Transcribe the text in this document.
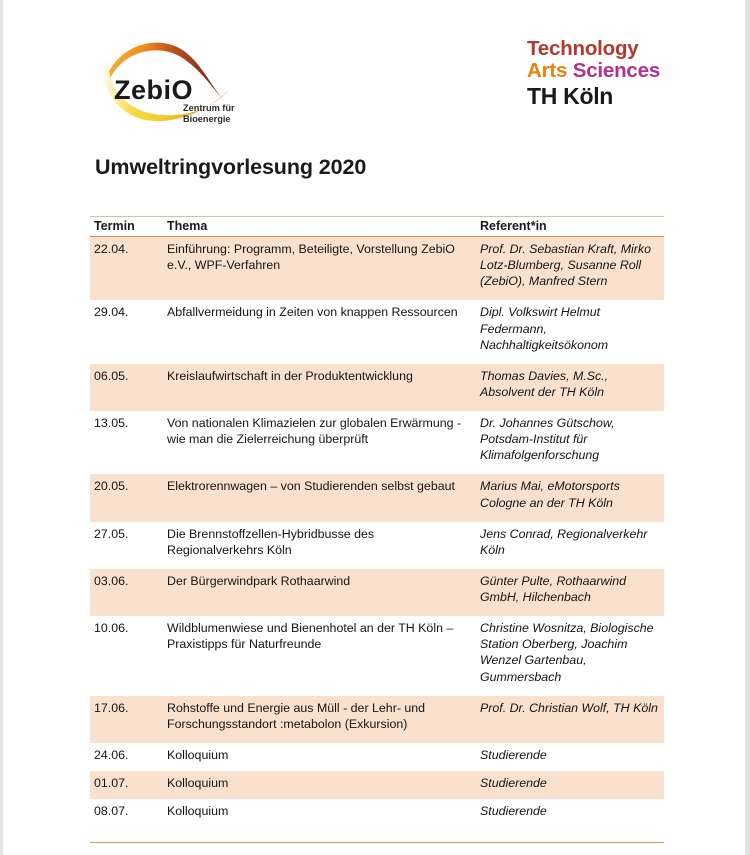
ZebiO
Zentrum für
Bioenergie
Technology
Arts Sciences
TH Köln
Umweltringvorlesung 2020
Termin	Thema	Referent*in
22.04.	Einführung: Programm, Beteiligte, Vorstellung ZebiO e.V., WPF-Verfahren	Prof. Dr. Sebastian Kraft, Mirko Lotz-Blumberg, Susanne Roll (ZebiO), Manfred Stern
29.04.	Abfallvermeidung in Zeiten von knappen Ressourcen	Dipl. Volkswirt Helmut Federmann, Nachhaltigkeitsökonom
06.05.	Kreislaufwirtschaft in der Produktentwicklung	Thomas Davies, M.Sc., Absolvent der TH Köln
13.05.	Von nationalen Klimazielen zur globalen Erwärmung - wie man die Zielerreichung überprüft	Dr. Johannes Gütschow, Potsdam-Institut für Klimafolgenforschung
20.05.	Elektrorennwagen – von Studierenden selbst gebaut	Marius Mai, eMotorsports Cologne an der TH Köln
27.05.	Die Brennstoffzellen-Hybridbusse des Regionalverkehrs Köln	Jens Conrad, Regionalverkehr Köln
03.06.	Der Bürgerwindpark Rothaarwind	Günter Pulte, Rothaarwind GmbH, Hilchenbach
10.06.	Wildblumenwiese und Bienenhotel an der TH Köln – Praxistipps für Naturfreunde	Christine Wosnitza, Biologische Station Oberberg, Joachim Wenzel Gartenbau, Gummersbach
17.06.	Rohstoffe und Energie aus Müll - der Lehr- und Forschungsstandort :metabolon (Exkursion)	Prof. Dr. Christian Wolf, TH Köln
24.06.	Kolloquium	Studierende
01.07.	Kolloquium	Studierende
08.07.	Kolloquium	Studierende
